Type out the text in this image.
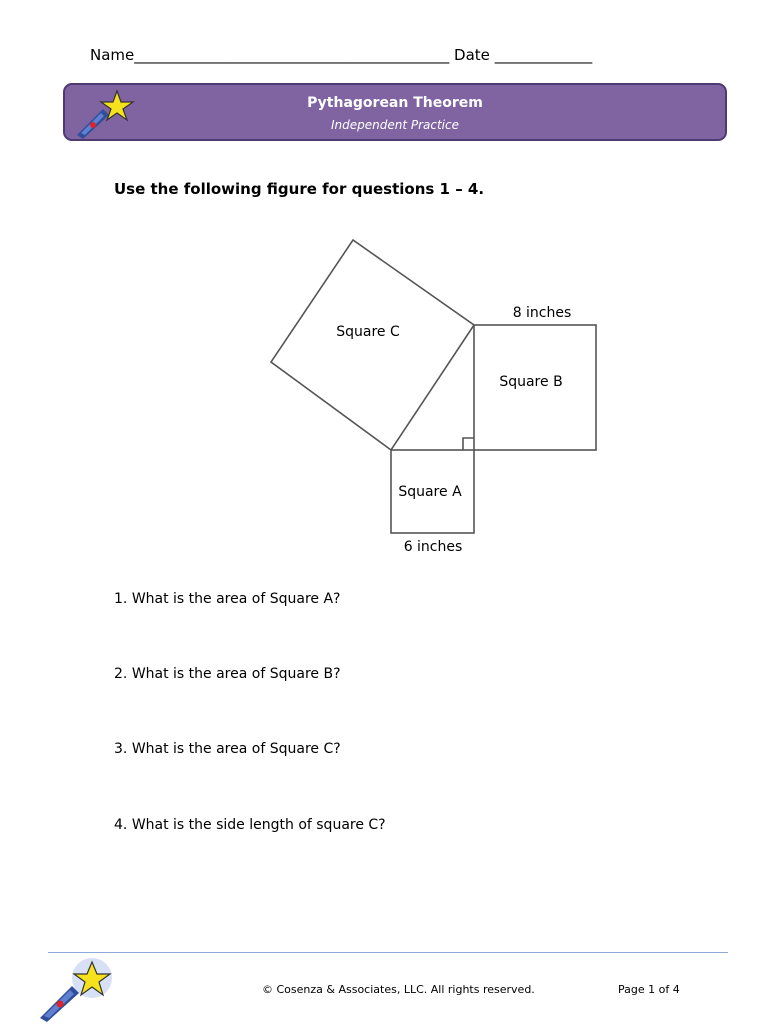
Name__________________________________________ Date _____________
Pythagorean Theorem
Independent Practice
Use the following figure for questions 1 – 4.
Square C
Square B
Square A
8 inches
6 inches
1. What is the area of Square A?
2. What is the area of Square B?
3. What is the area of Square C?
4. What is the side length of square C?
© Cosenza & Associates, LLC. All rights reserved.	Page 1 of 4
